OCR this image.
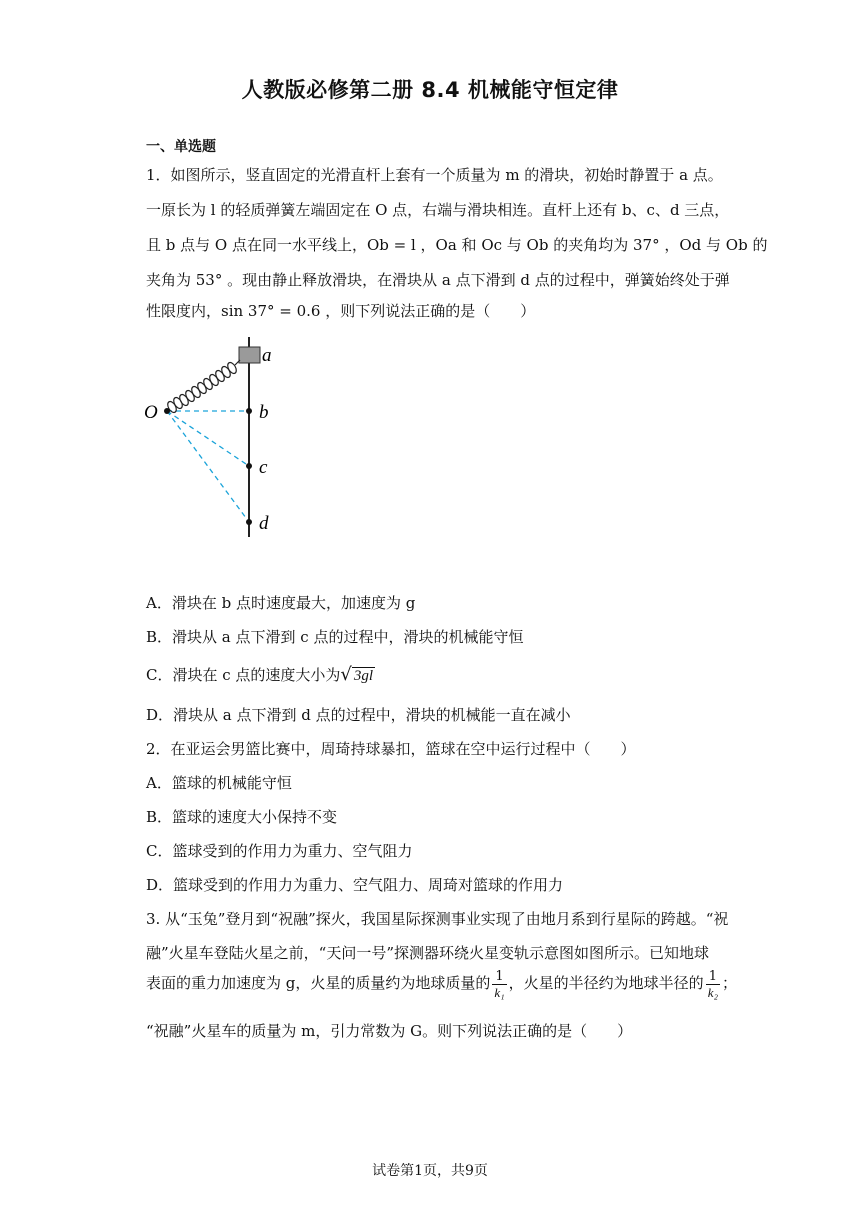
人教版必修第二册 8.4 机械能守恒定律
一、单选题
1．如图所示，竖直固定的光滑直杆上套有一个质量为 m 的滑块，初始时静置于 a 点。
一原长为 l 的轻质弹簧左端固定在 O 点，右端与滑块相连。直杆上还有 b、c、d 三点，
且 b 点与 O 点在同一水平线上，Ob = l ，Oa 和 Oc 与 Ob 的夹角均为 37° ，Od 与 Ob 的
夹角为 53° 。现由静止释放滑块，在滑块从 a 点下滑到 d 点的过程中，弹簧始终处于弹
性限度内，sin 37° = 0.6 ，则下列说法正确的是（　　）
O
a
b
c
d
A．滑块在 b 点时速度最大，加速度为 g
B．滑块从 a 点下滑到 c 点的过程中，滑块的机械能守恒
C．滑块在 c 点的速度大小为√ 3gl
D．滑块从 a 点下滑到 d 点的过程中，滑块的机械能一直在减小
2．在亚运会男篮比赛中，周琦持球暴扣，篮球在空中运行过程中（　　）
A．篮球的机械能守恒
B．篮球的速度大小保持不变
C．篮球受到的作用力为重力、空气阻力
D．篮球受到的作用力为重力、空气阻力、周琦对篮球的作用力
3. 从“玉兔”登月到“祝融”探火，我国星际探测事业实现了由地月系到行星际的跨越。“祝
融”火星车登陆火星之前，“天问一号”探测器环绕火星变轨示意图如图所示。已知地球
表面的重力加速度为 g，火星的质量约为地球质量的 $\frac{1}{\text{k₁}}$ ，火星的半径约为地球半径的 $\frac{1}{\text{k₂}}$ ；
“祝融”火星车的质量为 m，引力常数为 G。则下列说法正确的是（　　）
试卷第1页，共9页
